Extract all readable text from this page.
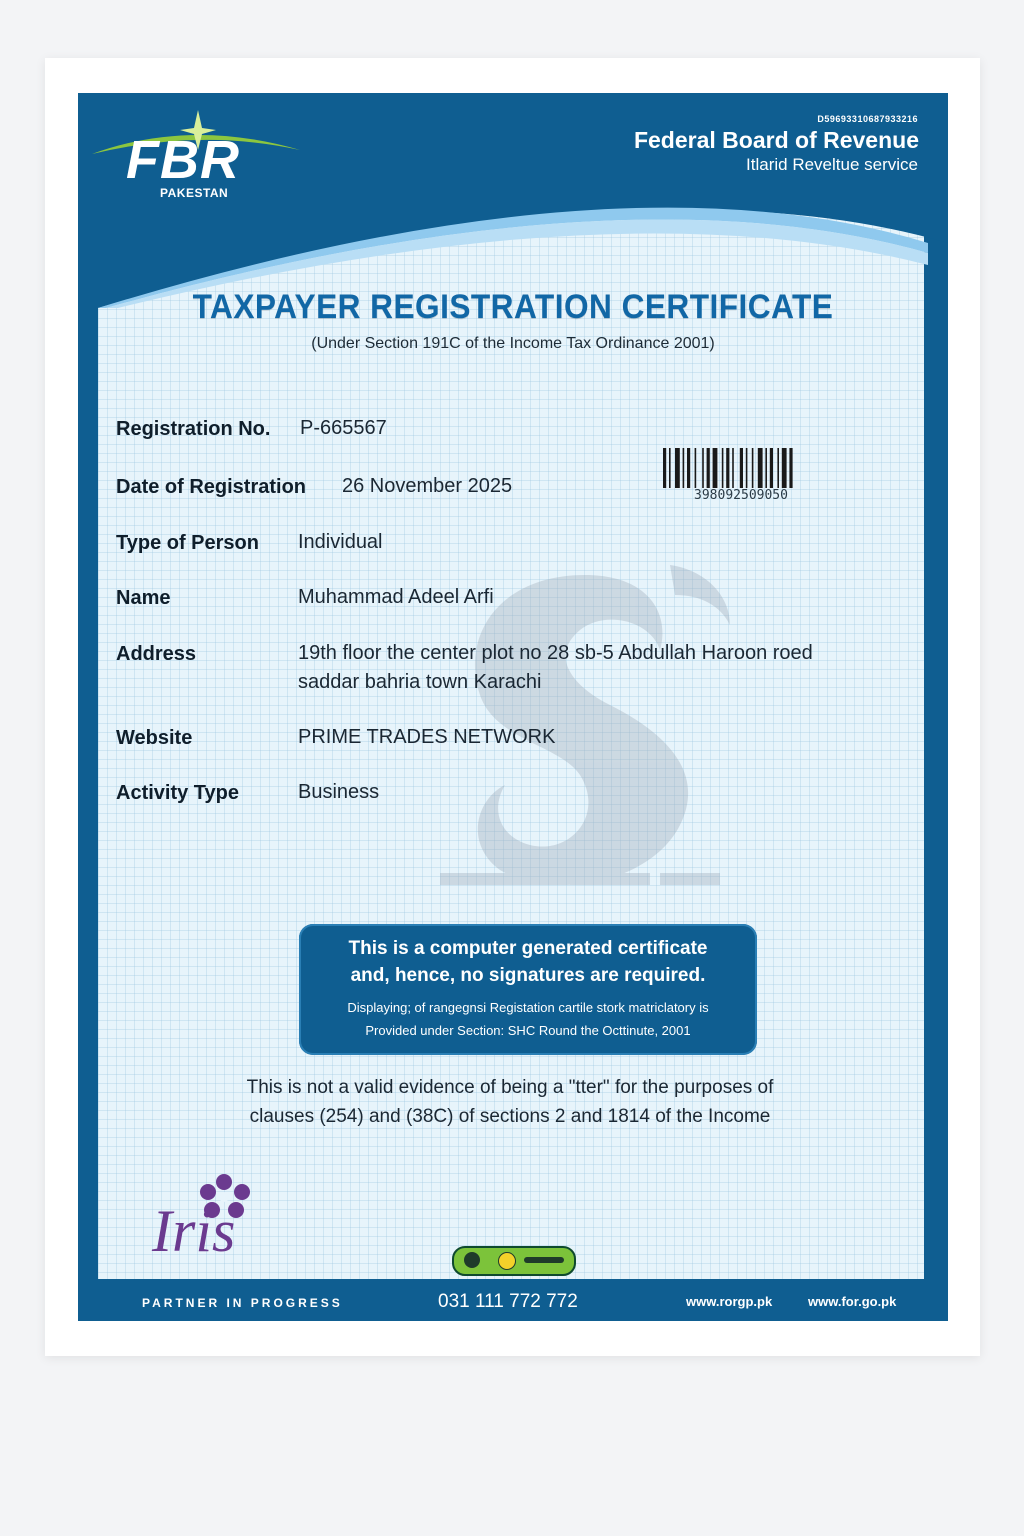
FBR
PAKESTAN
D59693310687933216
Federal Board of Revenue
Itlarid Reveltue service
TAXPAYER REGISTRATION CERTIFICATE
(Under Section 191C of the Income Tax Ordinance 2001)
Registration No. P-665567
Date of Registration 26 November 2025
Type of Person Individual
Name	Muhammad Adeel Arfi
Address	19th floor the center plot no 28 sb-5 Abdullah Haroon roed
saddar bahria town Karachi
Website	PRIME TRADES NETWORK
Activity Type	Business
398092509050
This is a computer generated certificate
and, hence, no signatures are required.
Displaying; of rangegnsi Registation cartile stork matriclatory is
Provided under Section: SHC Round the Octtinute, 2001
This is not a valid evidence of being a "tter" for the purposes of
clauses (254) and (38C) of sections 2 and 1814 of the Income
Iris
PARTNER IN PROGRESS	031 111 772 772	www.rorgp.pk	www.for.go.pk
